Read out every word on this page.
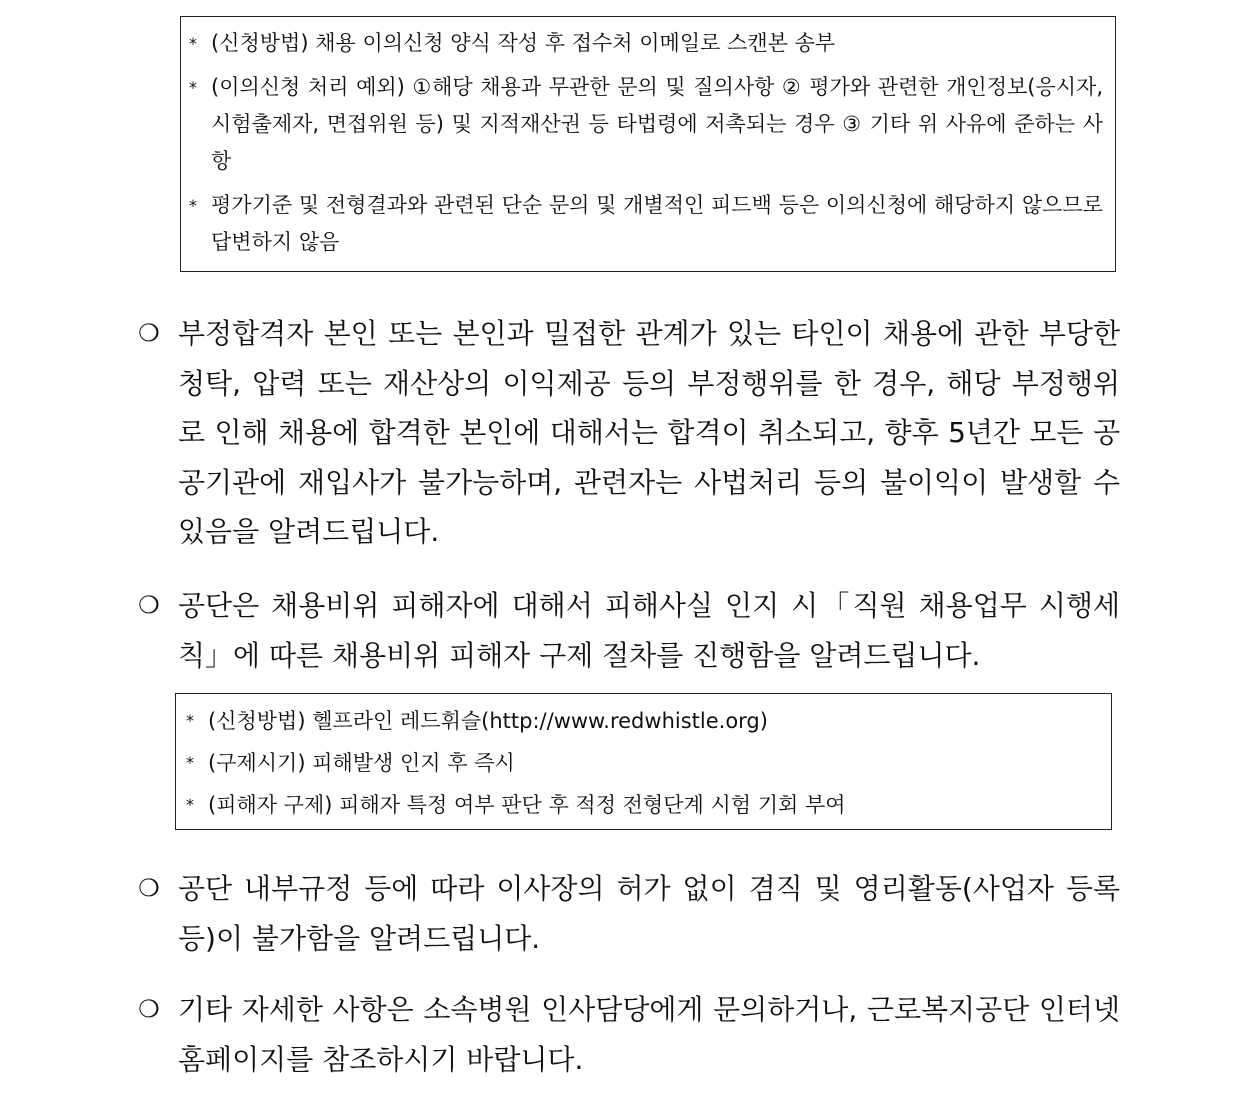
* (신청방법) 채용 이의신청 양식 작성 후 접수처 이메일로 스캔본 송부
* (이의신청 처리 예외) ①해당 채용과 무관한 문의 및 질의사항 ② 평가와 관련한 개인정보(응시자, 시험출제자, 면접위원 등) 및 지적재산권 등 타법령에 저촉되는 경우 ③ 기타 위 사유에 준하는 사항
* 평가기준 및 전형결과와 관련된 단순 문의 및 개별적인 피드백 등은 이의신청에 해당하지 않으므로 답변하지 않음
❍ 부정합격자 본인 또는 본인과 밀접한 관계가 있는 타인이 채용에 관한 부당한 청탁, 압력 또는 재산상의 이익제공 등의 부정행위를 한 경우, 해당 부정행위로 인해 채용에 합격한 본인에 대해서는 합격이 취소되고, 향후 5년간 모든 공공기관에 재입사가 불가능하며, 관련자는 사법처리 등의 불이익이 발생할 수 있음을 알려드립니다.
❍ 공단은 채용비위 피해자에 대해서 피해사실 인지 시「직원 채용업무 시행세칙」에 따른 채용비위 피해자 구제 절차를 진행함을 알려드립니다.
* (신청방법) 헬프라인 레드휘슬(http://www.redwhistle.org)
* (구제시기) 피해발생 인지 후 즉시
* (피해자 구제) 피해자 특정 여부 판단 후 적정 전형단계 시험 기회 부여
❍ 공단 내부규정 등에 따라 이사장의 허가 없이 겸직 및 영리활동(사업자 등록 등)이 불가함을 알려드립니다.
❍ 기타 자세한 사항은 소속병원 인사담당에게 문의하거나, 근로복지공단 인터넷 홈페이지를 참조하시기 바랍니다.
